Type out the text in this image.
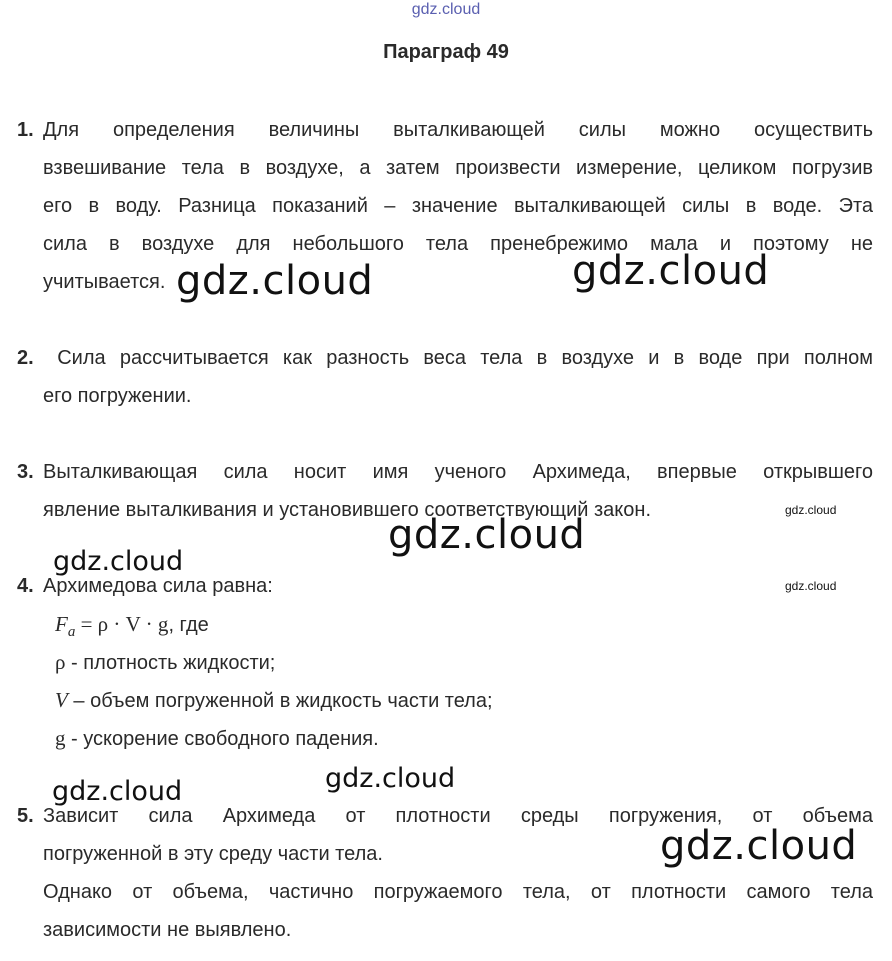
gdz.cloud
Параграф 49
1. Для определения величины выталкивающей силы можно осуществить
взвешивание тела в воздухе, а затем произвести измерение, целиком погрузив
его в воду. Разница показаний – значение выталкивающей силы в воде. Эта
сила в воздухе для небольшого тела пренебрежимо мала и поэтому не
учитывается.
2. Сила рассчитывается как разность веса тела в воздухе и в воде при полном
его погружении.
3. Выталкивающая сила носит имя ученого Архимеда, впервые открывшего
явление выталкивания и установившего соответствующий закон.
4. Архимедова сила равна:
$F_a = \rho \cdot V \cdot g$, где
ρ - плотность жидкости;
V – объем погруженной в жидкость части тела;
g - ускорение свободного падения.
5. Зависит сила Архимеда от плотности среды погружения, от объема
погруженной в эту среду части тела.
Однако от объема, частично погружаемого тела, от плотности самого тела
зависимости не выявлено.
gdz.cloud	gdz.cloud
gdz.cloud
gdz.cloud
gdz.cloud
gdz.cloud
gdz.cloud
gdz.cloud
gdz.cloud
